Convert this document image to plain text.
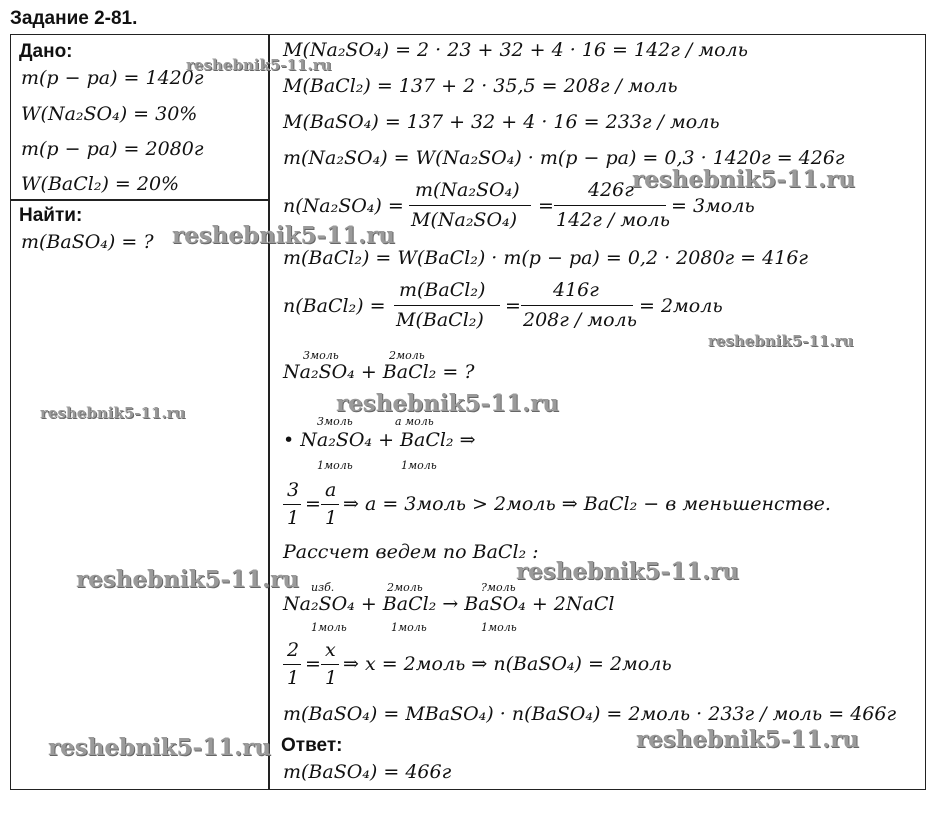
Задание 2-81.
Дано:
m(p − pa) = 1420г
W(Na₂SO₄) = 30%
m(p − pa) = 2080г
W(BaCl₂) = 20%
Найти:
m(BaSO₄) = ?
M(Na₂SO₄) = 2 · 23 + 32 + 4 · 16 = 142г / моль
M(BaCl₂) = 137 + 2 · 35,5 = 208г / моль
M(BaSO₄) = 137 + 32 + 4 · 16 = 233г / моль
m(Na₂SO₄) = W(Na₂SO₄) · m(p − pa) = 0,3 · 1420г = 426г
n(Na₂SO₄) =
m(Na₂SO₄)
M(Na₂SO₄)
=
426г
142г / моль
= 3моль
m(BaCl₂) = W(BaCl₂) · m(p − pa) = 0,2 · 2080г = 416г
n(BaCl₂) =
m(BaCl₂)
M(BaCl₂)
=
416г
208г / моль
= 2моль
3моль	2моль
Na₂SO₄ + BaCl₂ = ?
3моль	a моль
• Na₂SO₄ + BaCl₂ ⇒
1моль	1моль
3
1
=
a
1
⇒ a = 3моль > 2моль ⇒ BaCl₂ − в меньшенстве.
Рассчет ведем по BaCl₂ :
изб.	2моль	?моль
Na₂SO₄ + BaCl₂ → BaSO₄ + 2NaCl
1моль	1моль	1моль
2
1
=
x
1
⇒ x = 2моль ⇒ n(BaSO₄) = 2моль
m(BaSO₄) = MBaSO₄) · n(BaSO₄) = 2моль · 233г / моль = 466г
Ответ:
m(BaSO₄) = 466г
reshebnik5-11.ru
reshebnik5-11.ru
reshebnik5-11.ru
reshebnik5-11.ru
reshebnik5-11.ru
reshebnik5-11.ru
reshebnik5-11.ru
reshebnik5-11.ru
reshebnik5-11.ru
reshebnik5-11.ru
